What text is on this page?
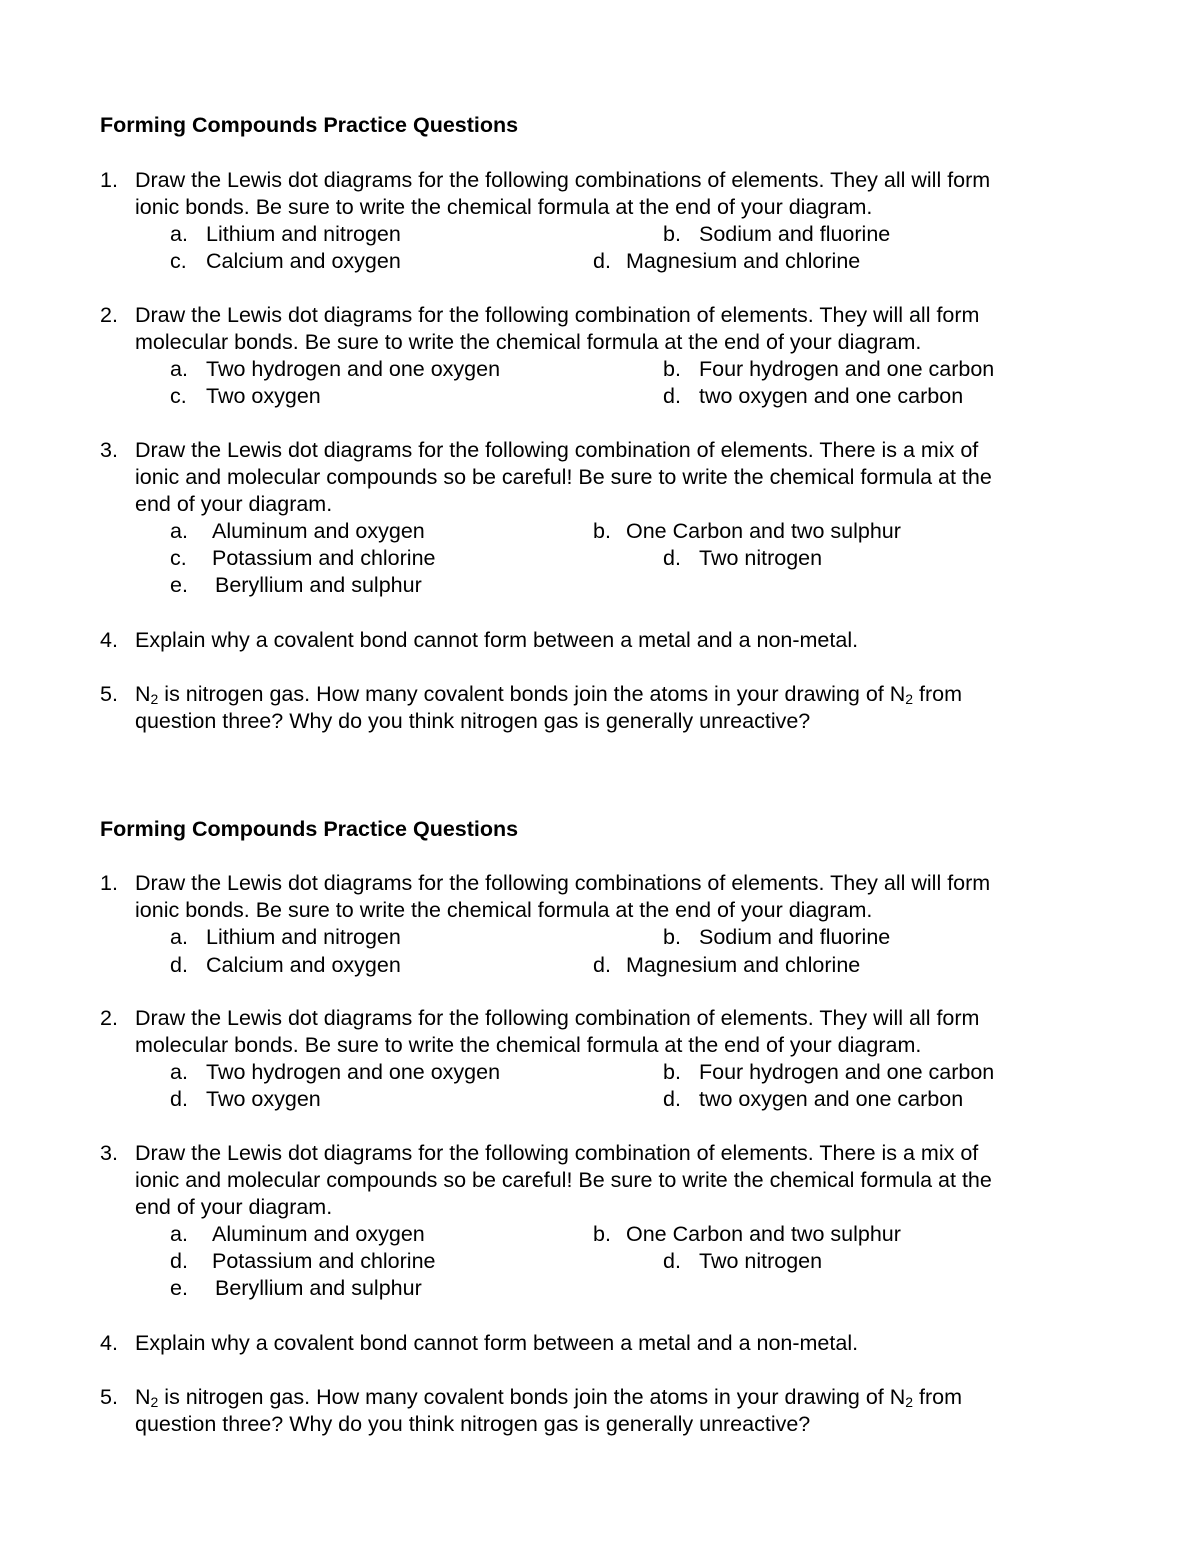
Forming Compounds Practice Questions
1. Draw the Lewis dot diagrams for the following combinations of elements. They all will form
ionic bonds. Be sure to write the chemical formula at the end of your diagram.
a. Lithium and nitrogen	b. Sodium and fluorine
c. Calcium and oxygen	d. Magnesium and chlorine
2. Draw the Lewis dot diagrams for the following combination of elements. They will all form
molecular bonds. Be sure to write the chemical formula at the end of your diagram.
a. Two hydrogen and one oxygen	b. Four hydrogen and one carbon
c. Two oxygen	d. two oxygen and one carbon
3. Draw the Lewis dot diagrams for the following combination of elements. There is a mix of
ionic and molecular compounds so be careful! Be sure to write the chemical formula at the
end of your diagram.
a. Aluminum and oxygen	b. One Carbon and two sulphur
c. Potassium and chlorine	d. Two nitrogen
e. Beryllium and sulphur
4. Explain why a covalent bond cannot form between a metal and a non-metal.
5. $N_2$ is nitrogen gas. How many covalent bonds join the atoms in your drawing of $N_2$ from
question three? Why do you think nitrogen gas is generally unreactive?
Forming Compounds Practice Questions
1. Draw the Lewis dot diagrams for the following combinations of elements. They all will form
ionic bonds. Be sure to write the chemical formula at the end of your diagram.
a. Lithium and nitrogen	b. Sodium and fluorine
d. Calcium and oxygen	d. Magnesium and chlorine
2. Draw the Lewis dot diagrams for the following combination of elements. They will all form
molecular bonds. Be sure to write the chemical formula at the end of your diagram.
a. Two hydrogen and one oxygen	b. Four hydrogen and one carbon
d. Two oxygen	d. two oxygen and one carbon
3. Draw the Lewis dot diagrams for the following combination of elements. There is a mix of
ionic and molecular compounds so be careful! Be sure to write the chemical formula at the
end of your diagram.
a. Aluminum and oxygen	b. One Carbon and two sulphur
d. Potassium and chlorine	d. Two nitrogen
e. Beryllium and sulphur
4. Explain why a covalent bond cannot form between a metal and a non-metal.
5. $N_2$ is nitrogen gas. How many covalent bonds join the atoms in your drawing of $N_2$ from
question three? Why do you think nitrogen gas is generally unreactive?
